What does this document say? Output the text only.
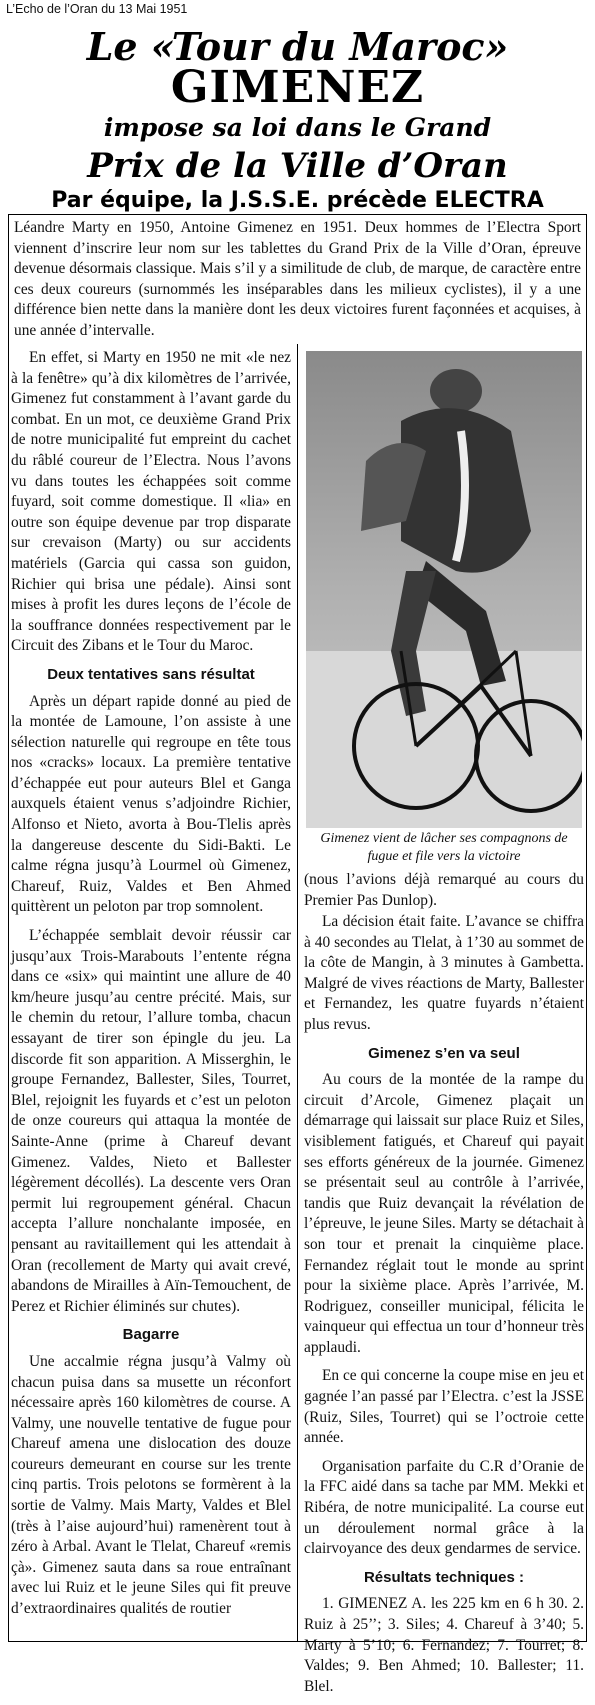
L’Echo de l’Oran du 13 Mai 1951
Le «Tour du Maroc»
GIMENEZ
impose sa loi dans le Grand
Prix de la Ville d’Oran
Par équipe, la J.S.S.E. précède ELECTRA
Léandre Marty en 1950, Antoine Gimenez en 1951. Deux hommes de l’Electra Sport viennent d’inscrire leur nom sur les tablettes du Grand Prix de la Ville d’Oran, épreuve devenue désormais classique. Mais s’il y a similitude de club, de marque, de caractère entre ces deux coureurs (surnommés les inséparables dans les milieux cyclistes), il y a une différence bien nette dans la manière dont les deux victoires furent façonnées et acquises, à une année d’intervalle.

En effet, si Marty en 1950 ne mit «le nez à la fenêtre» qu’à dix kilomètres de l’arrivée, Gimenez fut constamment à l’avant garde du combat. En un mot, ce deuxième Grand Prix de notre municipalité fut empreint du cachet du râblé coureur de l’Electra. Nous l’avons vu dans toutes les échappées soit comme fuyard, soit comme domestique. Il «lia» en outre son équipe devenue par trop disparate sur crevaison (Marty) ou sur accidents matériels (Garcia qui cassa son guidon, Richier qui brisa une pédale). Ainsi sont mises à profit les dures leçons de l’école de la souffrance données respectivement par le Circuit des Zibans et le Tour du Maroc.

Deux tentatives sans résultat

Après un départ rapide donné au pied de la montée de Lamoune, l’on assiste à une sélection naturelle qui regroupe en tête tous nos «cracks» locaux. La première tentative d’échappée eut pour auteurs Blel et Ganga auxquels étaient venus s’adjoindre Richier, Alfonso et Nieto, avorta à Bou-Tlelis après la dangereuse descente du Sidi-Bakti. Le calme régna jusqu’à Lourmel où Gimenez, Chareuf, Ruiz, Valdes et Ben Ahmed quittèrent un peloton par trop somnolent.

L’échappée semblait devoir réussir car jusqu’aux Trois-Marabouts l’entente régna dans ce «six» qui maintint une allure de 40 km/heure jusqu’au centre précité. Mais, sur le chemin du retour, l’allure tomba, chacun essayant de tirer son épingle du jeu. La discorde fit son apparition. A Misserghin, le groupe Fernandez, Ballester, Siles, Tourret, Blel, rejoignit les fuyards et c’est un peloton de onze coureurs qui attaqua la montée de Sainte-Anne (prime à Chareuf devant Gimenez. Valdes, Nieto et Ballester légèrement décollés). La descente vers Oran permit lui regroupement général. Chacun accepta l’allure nonchalante imposée, en pensant au ravitaillement qui les attendait à Oran (recollement de Marty qui avait crevé, abandons de Mirailles à Aïn-Temouchent, de Perez et Richier éliminés sur chutes).

Bagarre

Une accalmie régna jusqu’à Valmy où chacun puisa dans sa musette un réconfort nécessaire après 160 kilomètres de course. A Valmy, une nouvelle tentative de fugue pour Chareuf amena une dislocation des douze coureurs demeurant en course sur les trente cinq partis. Trois pelotons se formèrent à la sortie de Valmy. Mais Marty, Valdes et Blel (très à l’aise aujourd’hui) ramenèrent tout à zéro à Arbal. Avant le Tlelat, Chareuf «remis çà». Gimenez sauta dans sa roue entraînant avec lui Ruiz et le jeune Siles qui fit preuve d’extraordinaires qualités de routier

Gimenez vient de lâcher ses compagnons de fugue et file vers la victoire
(nous l’avions déjà remarqué au cours du Premier Pas Dunlop).

La décision était faite. L’avance se chiffra à 40 secondes au Tlelat, à 1’30 au sommet de la côte de Mangin, à 3 minutes à Gambetta. Malgré de vives réactions de Marty, Ballester et Fernandez, les quatre fuyards n’étaient plus revus.

Gimenez s’en va seul

Au cours de la montée de la rampe du circuit d’Arcole, Gimenez plaçait un démarrage qui laissait sur place Ruiz et Siles, visiblement fatigués, et Chareuf qui payait ses efforts généreux de la journée. Gimenez se présentait seul au contrôle à l’arrivée, tandis que Ruiz devançait la révélation de l’épreuve, le jeune Siles. Marty se détachait à son tour et prenait la cinquième place. Fernandez réglait tout le monde au sprint pour la sixième place. Après l’arrivée, M. Rodriguez, conseiller municipal, félicita le vainqueur qui effectua un tour d’honneur très applaudi.

En ce qui concerne la coupe mise en jeu et gagnée l’an passé par l’Electra. c’est la JSSE (Ruiz, Siles, Tourret) qui se l’octroie cette année.

Organisation parfaite du C.R d’Oranie de la FFC aidé dans sa tache par MM. Mekki et Ribéra, de notre municipalité. La course eut un déroulement normal grâce à la clairvoyance des deux gendarmes de service.

Résultats techniques :

1. GIMENEZ A. les 225 km en 6 h 30. 2. Ruiz à 25’’; 3. Siles; 4. Chareuf à 3’40; 5. Marty à 5’10; 6. Fernandez; 7. Tourret; 8. Valdes; 9. Ben Ahmed; 10. Ballester; 11. Blel.
